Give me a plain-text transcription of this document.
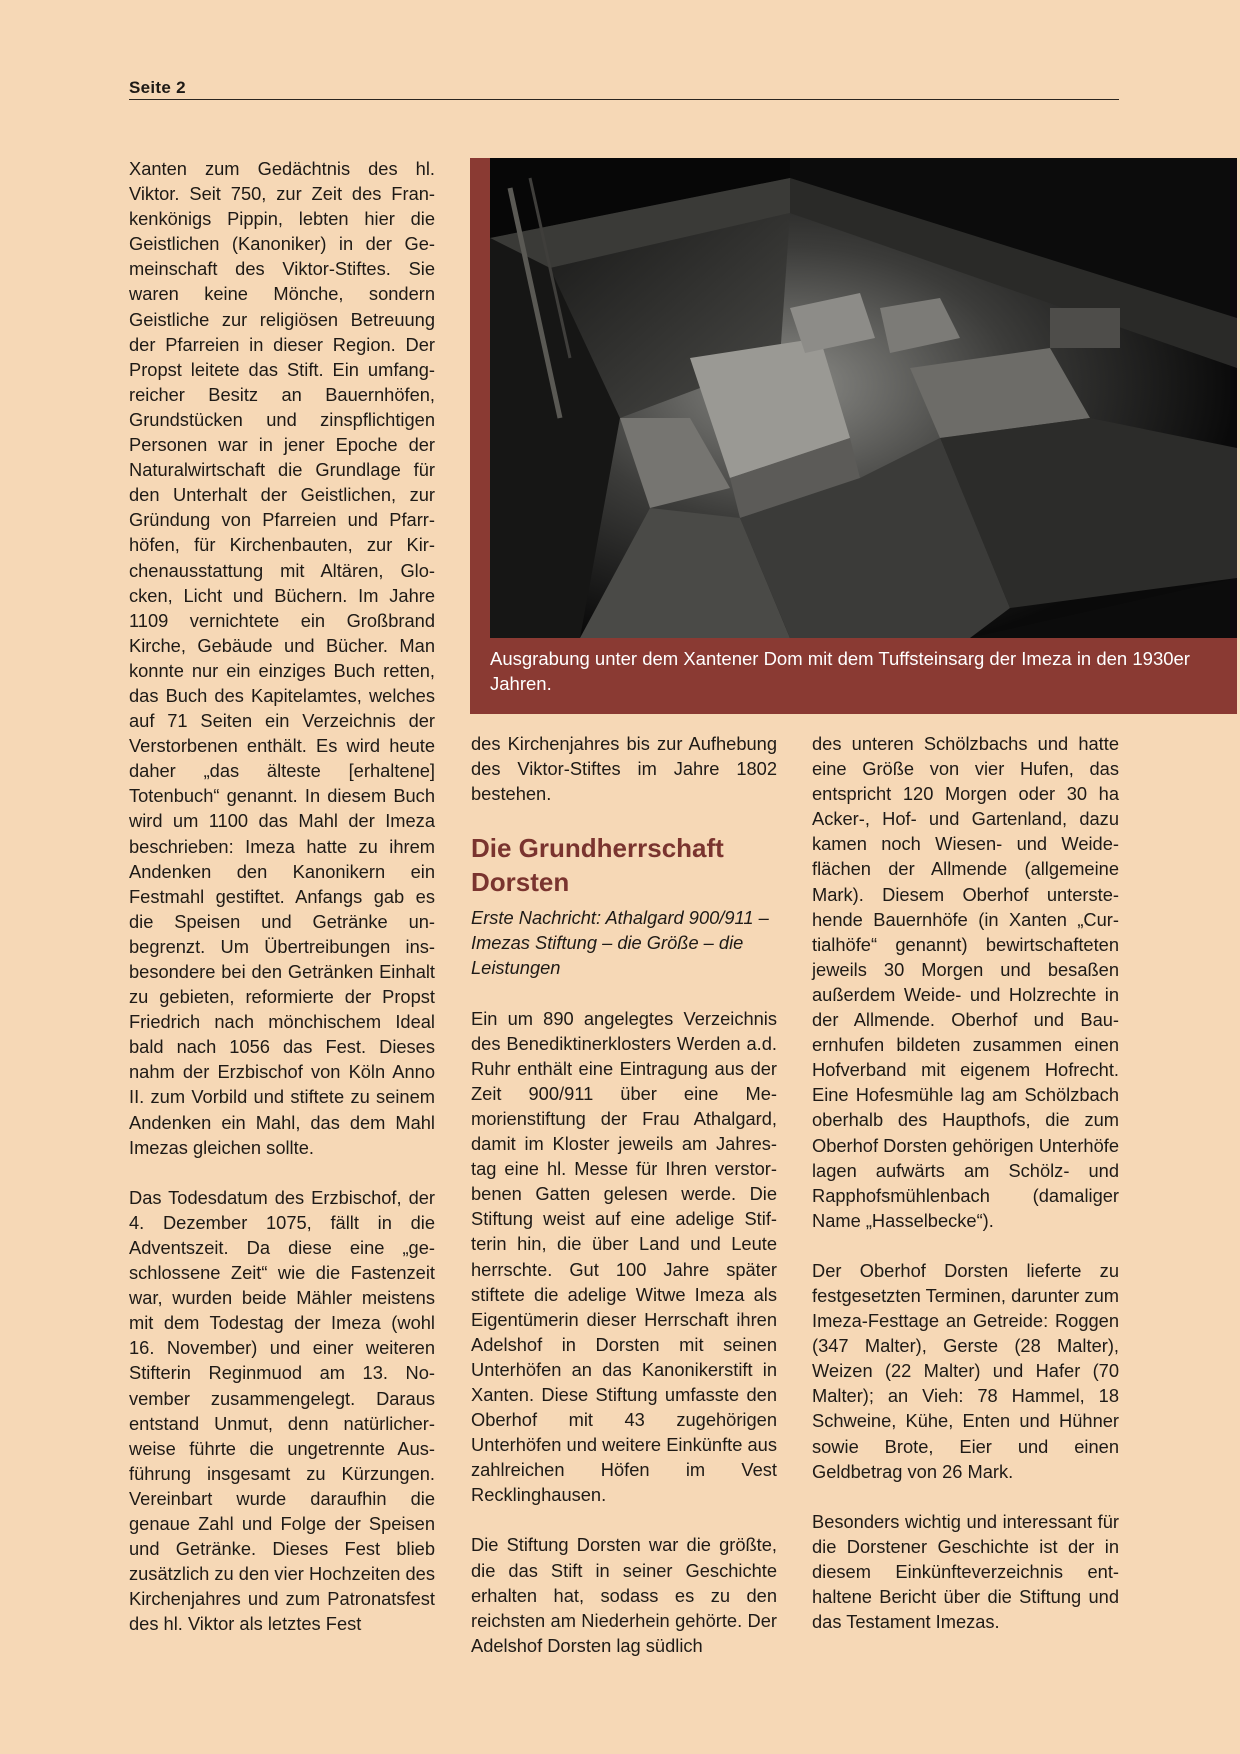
Seite 2

Xanten zum Gedächtnis des hl. Viktor. Seit 750, zur Zeit des Frankenkönigs Pippin, lebten hier die Geistlichen (Kanoniker) in der Gemeinschaft des Viktor-Stiftes. Sie waren keine Mönche, sondern Geistliche zur religiösen Betreuung der Pfarreien in dieser Region. Der Propst leitete das Stift. Ein umfangreicher Besitz an Bauernhöfen, Grundstücken und zinspflichtigen Personen war in jener Epoche der Naturalwirtschaft die Grundlage für den Unterhalt der Geistlichen, zur Gründung von Pfarreien und Pfarrhöfen, für Kirchenbauten, zur Kirchenausstattung mit Altären, Glocken, Licht und Büchern. Im Jahre 1109 vernichtete ein Großbrand Kirche, Gebäude und Bücher. Man konnte nur ein einziges Buch retten, das Buch des Kapitelamtes, welches auf 71 Seiten ein Verzeichnis der Verstorbenen enthält. Es wird heute daher „das älteste [erhaltene] Totenbuch“ genannt. In diesem Buch wird um 1100 das Mahl der Imeza beschrieben: Imeza hatte zu ihrem Andenken den Kanonikern ein Festmahl gestiftet. Anfangs gab es die Speisen und Getränke unbegrenzt. Um Übertreibungen insbesondere bei den Getränken Einhalt zu gebieten, reformierte der Propst Friedrich nach mönchischem Ideal bald nach 1056 das Fest. Dieses nahm der Erzbischof von Köln Anno II. zum Vorbild und stiftete zu seinem Andenken ein Mahl, das dem Mahl Imezas gleichen sollte.

Das Todesdatum des Erzbischof, der 4. Dezember 1075, fällt in die Adventszeit. Da diese eine „geschlossene Zeit“ wie die Fastenzeit war, wurden beide Mähler meistens mit dem Todestag der Imeza (wohl 16. November) und einer weiteren Stifterin Reginmuod am 13. November zusammengelegt. Daraus entstand Unmut, denn natürlicherweise führte die ungetrennte Ausführung insgesamt zu Kürzungen. Vereinbart wurde daraufhin die genaue Zahl und Folge der Speisen und Getränke. Dieses Fest blieb zusätzlich zu den vier Hochzeiten des Kirchenjahres und zum Patronatsfest des hl. Viktor als letztes Fest

Ausgrabung unter dem Xantener Dom mit dem Tuffsteinsarg der Imeza in den 1930er Jahren.

des Kirchenjahres bis zur Aufhebung des Viktor-Stiftes im Jahre 1802 bestehen.

Die Grundherrschaft Dorsten

Erste Nachricht: Athalgard 900/911 – Imezas Stiftung – die Größe – die Leistungen

Ein um 890 angelegtes Verzeichnis des Benediktinerklosters Werden a.d. Ruhr enthält eine Eintragung aus der Zeit 900/911 über eine Memorienstiftung der Frau Athalgard, damit im Kloster jeweils am Jahrestag eine hl. Messe für Ihren verstorbenen Gatten gelesen werde. Die Stiftung weist auf eine adelige Stifterin hin, die über Land und Leute herrschte. Gut 100 Jahre später stiftete die adelige Witwe Imeza als Eigentümerin dieser Herrschaft ihren Adelshof in Dorsten mit seinen Unterhöfen an das Kanonikerstift in Xanten. Diese Stiftung umfasste den Oberhof mit 43 zugehörigen Unterhöfen und weitere Einkünfte aus zahlreichen Höfen im Vest Recklinghausen.

Die Stiftung Dorsten war die größte, die das Stift in seiner Geschichte erhalten hat, sodass es zu den reichsten am Niederhein gehörte. Der Adelshof Dorsten lag südlich

des unteren Schölzbachs und hatte eine Größe von vier Hufen, das entspricht 120 Morgen oder 30 ha Acker-, Hof- und Gartenland, dazu kamen noch Wiesen- und Weideflächen der Allmende (allgemeine Mark). Diesem Oberhof unterstehende Bauernhöfe (in Xanten „Curtialhöfe“ genannt) bewirtschafteten jeweils 30 Morgen und besaßen außerdem Weide- und Holzrechte in der Allmende. Oberhof und Bauernhufen bildeten zusammen einen Hofverband mit eigenem Hofrecht. Eine Hofesmühle lag am Schölzbach oberhalb des Haupthofs, die zum Oberhof Dorsten gehörigen Unterhöfe lagen aufwärts am Schölz- und Rapphofsmühlenbach (damaliger Name „Hasselbecke“).

Der Oberhof Dorsten lieferte zu festgesetzten Terminen, darunter zum Imeza-Festtage an Getreide: Roggen (347 Malter), Gerste (28 Malter), Weizen (22 Malter) und Hafer (70 Malter); an Vieh: 78 Hammel, 18 Schweine, Kühe, Enten und Hühner sowie Brote, Eier und einen Geldbetrag von 26 Mark.

Besonders wichtig und interessant für die Dorstener Geschichte ist der in diesem Einkünfteverzeichnis enthaltene Bericht über die Stiftung und das Testament Imezas.
